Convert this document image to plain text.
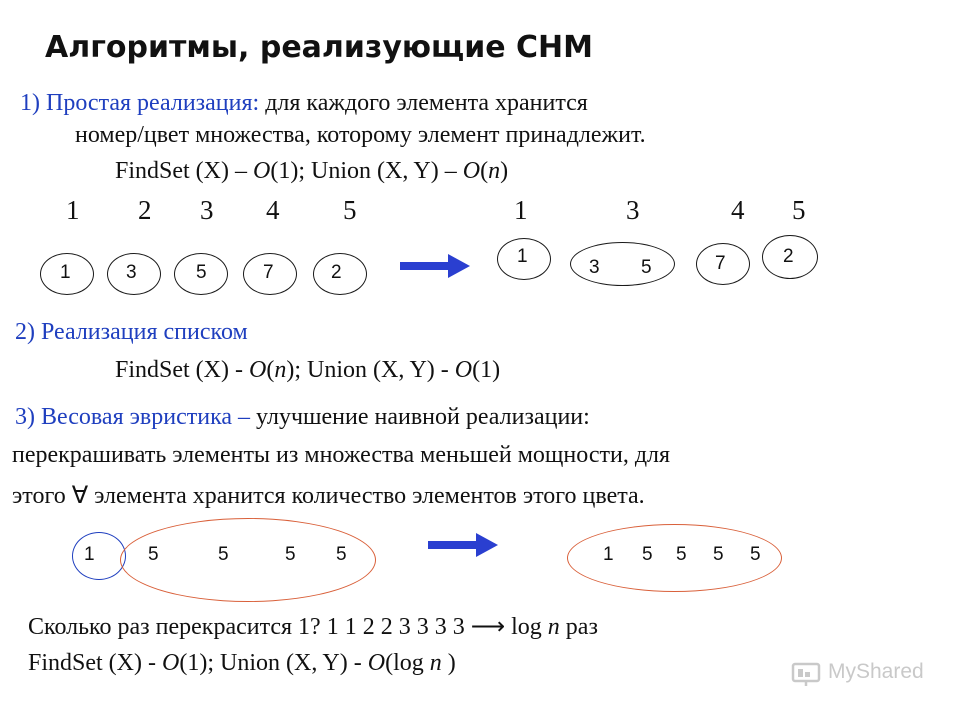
Алгоритмы, реализующие СНМ
1) Простая реализация: для каждого элемента хранится
номер/цвет множества, которому элемент принадлежит.
FindSet (X) – O(1); Union (X, Y) – O(n)
1 2 3 4 5	1	3	4 5
1	3	5	7	2
1
3 5	7	2
2) Реализация списком
FindSet (X) - O(n); Union (X, Y) - O(1)
3) Весовая эвристика – улучшение наивной реализации:
перекрашивать элементы из множества меньшей мощности, для
этого ∀ элемента хранится количество элементов этого цвета.
1	5	5	5 5	1 5 5 5 5
Сколько раз перекрасится 1? 1 1 2 2 3 3 3 3 ⟶ log n раз
FindSet (X) - O(1); Union (X, Y) - O(log n )	MyShared
